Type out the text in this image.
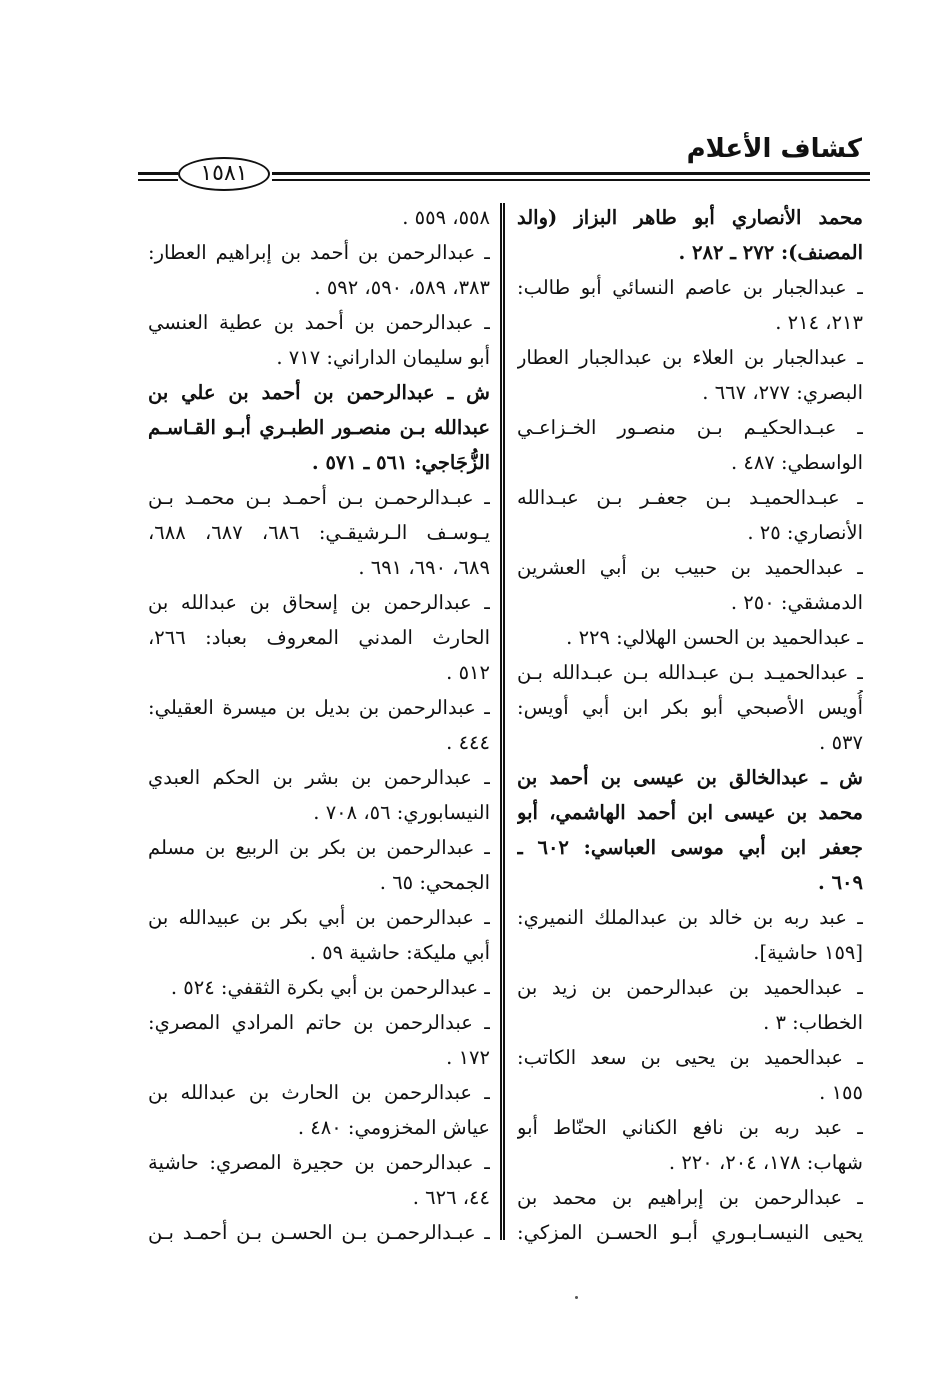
كشاف الأعلام
١٥٨١
محمد الأنصاري أبو طاهر البزاز (والد
المصنف): ٢٧٢ ـ ٢٨٢ .
ـ عبدالجبار بن عاصم النسائي أبو طالب:
٢١٣، ٢١٤ .
ـ عبدالجبار بن العلاء بن عبدالجبار العطار
البصري: ٢٧٧، ٦٦٧ .
ـ عبـدالحكيـم بـن منصـور الخـزاعـي
الواسطي: ٤٨٧ .
ـ عبـدالحميـد بـن جعفـر بـن عبـدالله
الأنصاري: ٢٥ .
ـ عبدالحميد بن حبيب بن أبي العشرين
الدمشقي: ٢٥٠ .
ـ عبدالحميد بن الحسن الهلالي: ٢٢٩ .
ـ عبدالحميـد بـن عبـدالله بـن عبـدالله بـن
أُويس الأصبحي أبو بكر ابن أبي أويس:
٥٣٧ .
ش ـ عبدالخالق بن عيسى بن أحمد بن
محمد بن عيسى ابن أحمد الهاشمي، أبو
جعفر ابن أبي موسى العباسي: ٦٠٢ ـ
٦٠٩ .
ـ عبد ربه بن خالد بن عبدالملك النميري:
[١٥٩ حاشية].
ـ عبدالحميد بن عبدالرحمن بن زيد بن
الخطاب: ٣ .
ـ عبدالحميد بن يحيى بن سعد الكاتب:
١٥٥ .
ـ عبد ربه بن نافع الكناني الحنّاط أبو
شهاب: ١٧٨، ٢٠٤، ٢٢٠ .
ـ عبدالرحمن بن إبراهيم بن محمد بن
يحيى النيسـابـوري أبـو الحسـن المزكي:
٥٥٨، ٥٥٩ .
ـ عبدالرحمن بن أحمد بن إبراهيم العطار:
٣٨٣، ٥٨٩، ٥٩٠، ٥٩٢ .
ـ عبدالرحمن بن أحمد بن عطية العنسي
أبو سليمان الداراني: ٧١٧ .
ش ـ عبدالرحمن بن أحمد بن علي بن
عبدالله بـن منصـور الطبـري أبـو القـاسـم
الزُّجَاجي: ٥٦١ ـ ٥٧١ .
ـ عبـدالرحمـن بـن أحمـد بـن محمـد بـن
يـوسـف الـرشيقـي: ٦٨٦، ٦٨٧، ٦٨٨،
٦٨٩، ٦٩٠، ٦٩١ .
ـ عبدالرحمن بن إسحاق بن عبدالله بن
الحارث المدني المعروف بعباد: ٢٦٦،
٥١٢ .
ـ عبدالرحمن بن بديل بن ميسرة العقيلي:
٤٤٤ .
ـ عبدالرحمن بن بشر بن الحكم العبدي
النيسابوري: ٥٦، ٧٠٨ .
ـ عبدالرحمن بن بكر بن الربيع بن مسلم
الجمحي: ٦٥ .
ـ عبدالرحمن بن أبي بكر بن عبيدالله بن
أبي مليكة: حاشية ٥٩ .
ـ عبدالرحمن بن أبي بكرة الثقفي: ٥٢٤ .
ـ عبدالرحمن بن حاتم المرادي المصري:
١٧٢ .
ـ عبدالرحمن بن الحارث بن عبدالله بن
عياش المخزومي: ٤٨٠ .
ـ عبدالرحمن بن حجيرة المصري: حاشية
٤٤، ٦٢٦ .
ـ عبـدالرحمـن بـن الحسـن بـن أحمـد بـن
